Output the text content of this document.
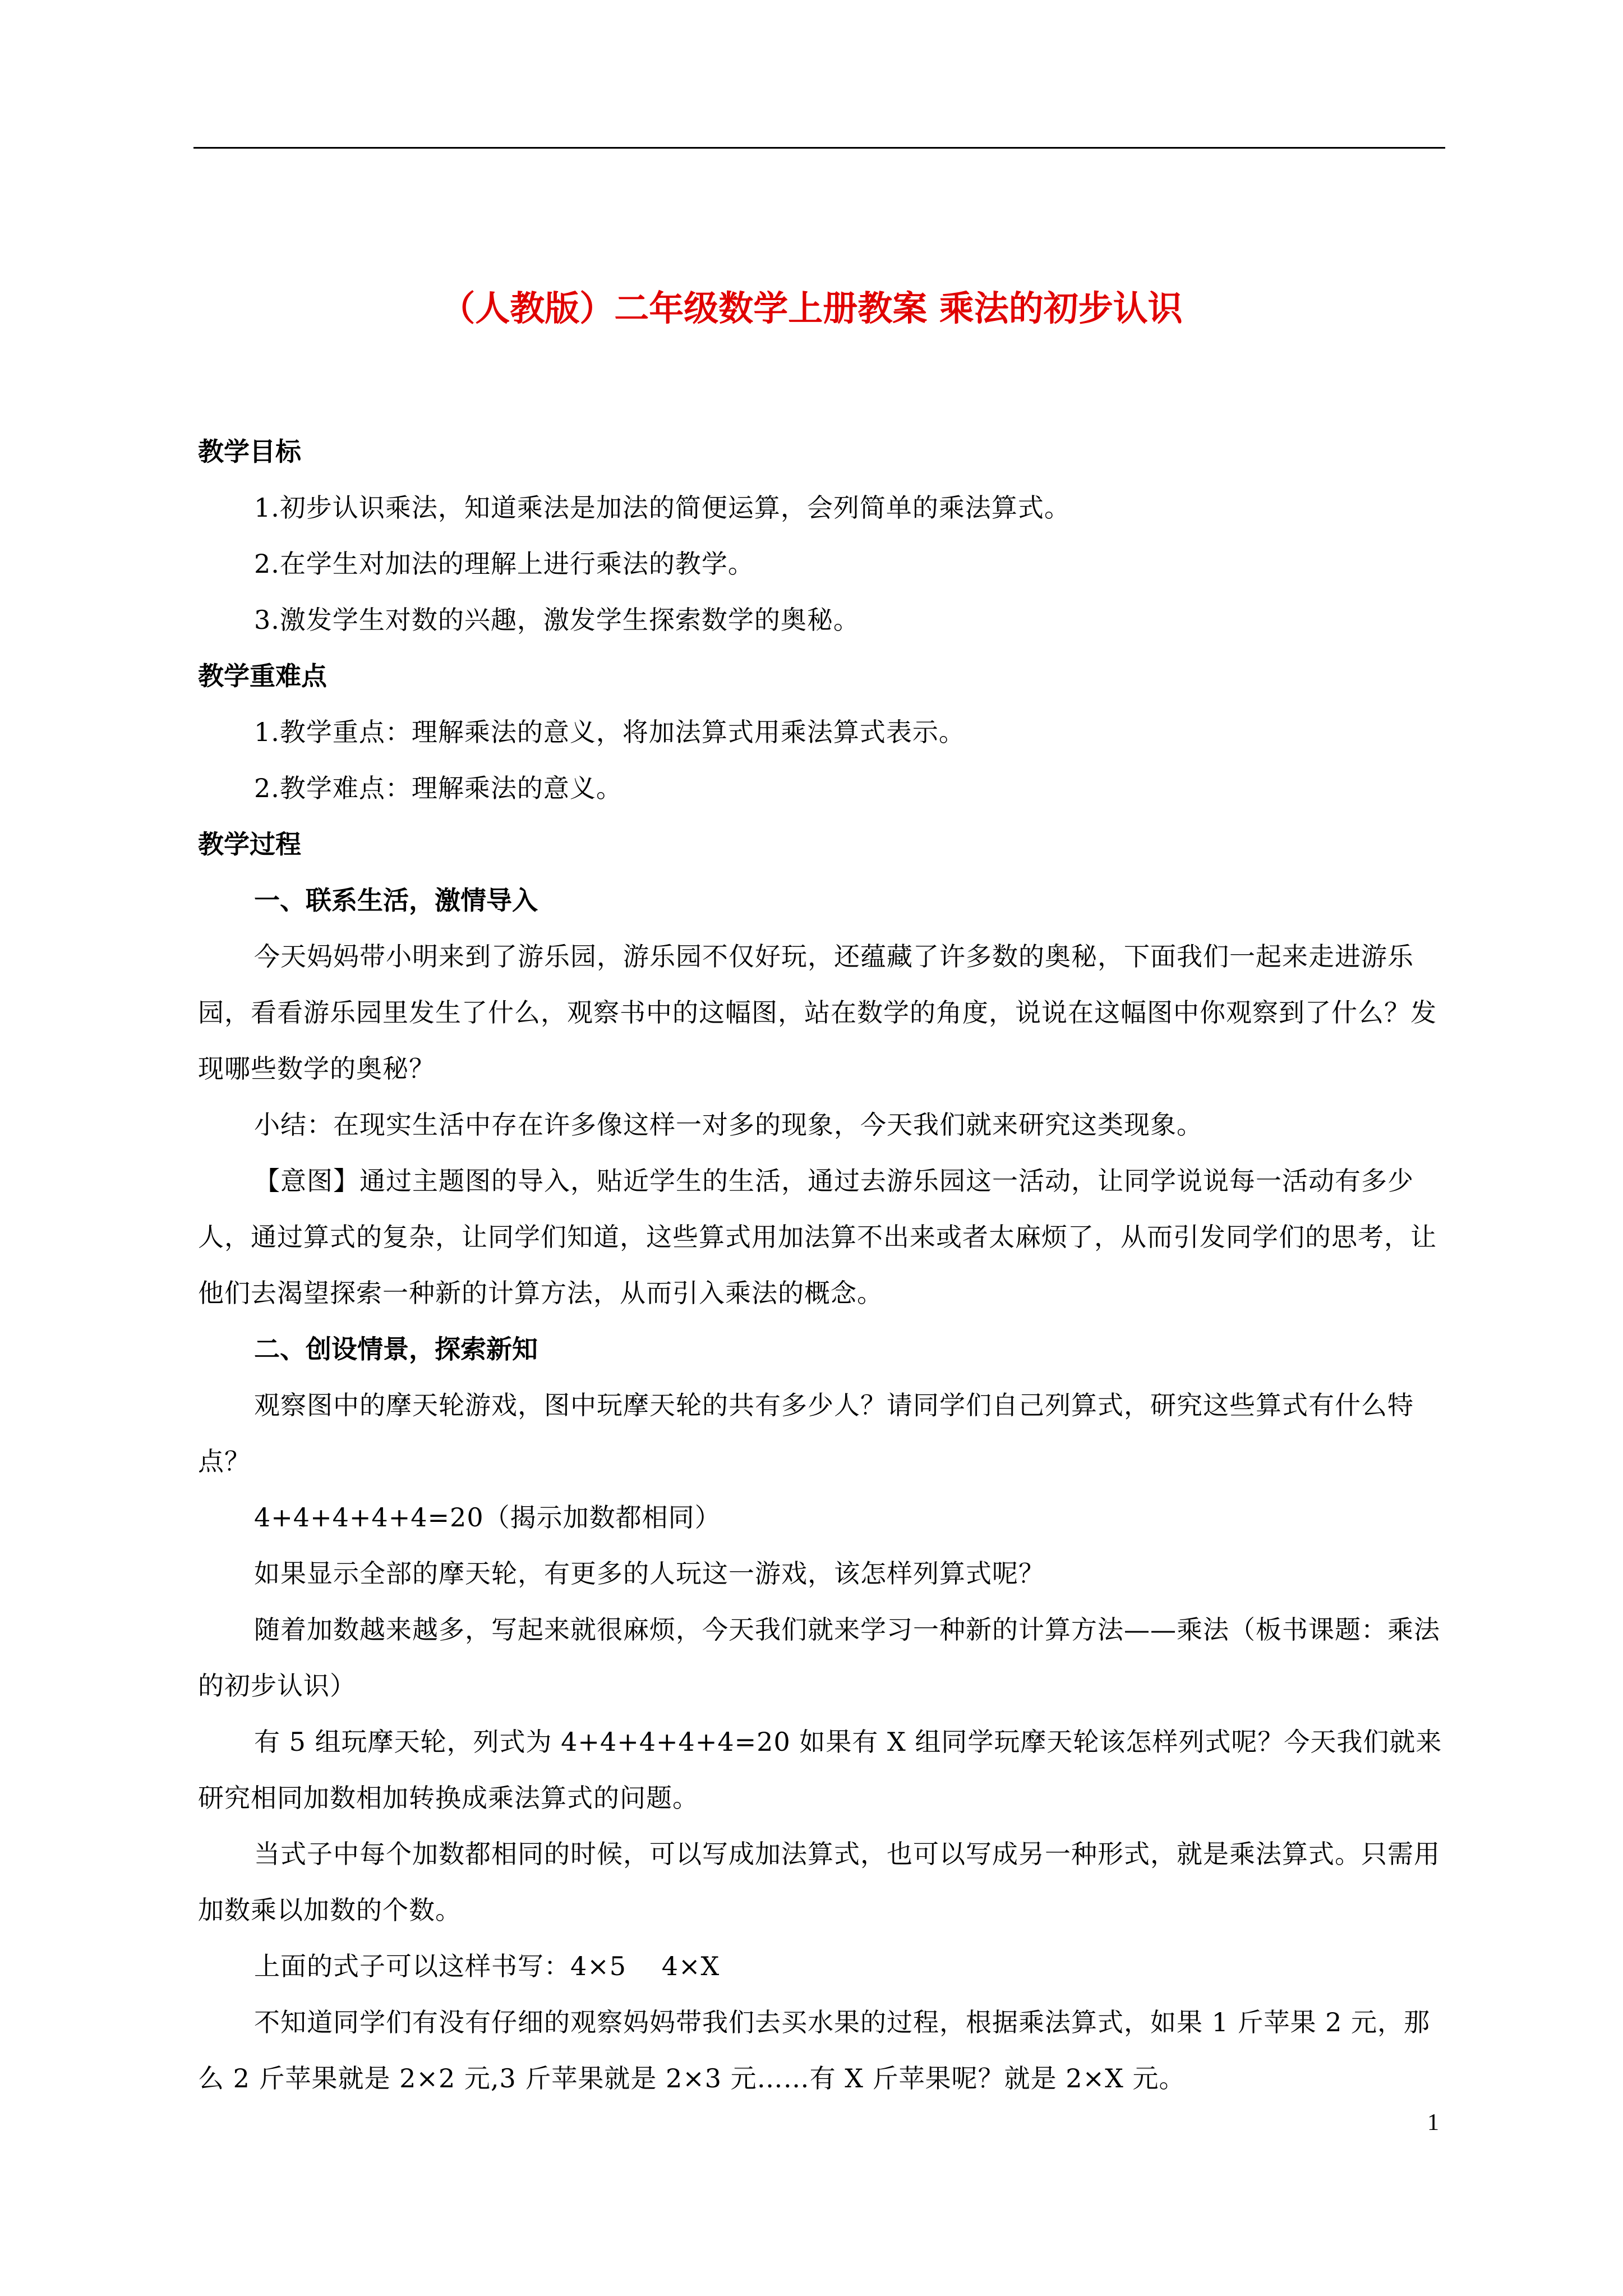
（人教版）二年级数学上册教案 乘法的初步认识

教学目标

1.初步认识乘法，知道乘法是加法的简便运算，会列简单的乘法算式。

2.在学生对加法的理解上进行乘法的教学。

3.激发学生对数的兴趣，激发学生探索数学的奥秘。

教学重难点

1.教学重点：理解乘法的意义，将加法算式用乘法算式表示。

2.教学难点：理解乘法的意义。

教学过程

一、联系生活，激情导入

今天妈妈带小明来到了游乐园，游乐园不仅好玩，还蕴藏了许多数的奥秘，下面我们一起来走进游乐园，看看游乐园里发生了什么，观察书中的这幅图，站在数学的角度，说说在这幅图中你观察到了什么？发现哪些数学的奥秘？

小结：在现实生活中存在许多像这样一对多的现象，今天我们就来研究这类现象。

【意图】通过主题图的导入，贴近学生的生活，通过去游乐园这一活动，让同学说说每一活动有多少人，通过算式的复杂，让同学们知道，这些算式用加法算不出来或者太麻烦了，从而引发同学们的思考，让他们去渴望探索一种新的计算方法，从而引入乘法的概念。

二、创设情景，探索新知

观察图中的摩天轮游戏，图中玩摩天轮的共有多少人？请同学们自己列算式，研究这些算式有什么特点？

4+4+4+4+4=20（揭示加数都相同）

如果显示全部的摩天轮，有更多的人玩这一游戏，该怎样列算式呢？

随着加数越来越多，写起来就很麻烦，今天我们就来学习一种新的计算方法——乘法（板书课题：乘法的初步认识）

有 5 组玩摩天轮，列式为 4+4+4+4+4=20 如果有 X 组同学玩摩天轮该怎样列式呢？今天我们就来研究相同加数相加转换成乘法算式的问题。

当式子中每个加数都相同的时候，可以写成加法算式，也可以写成另一种形式，就是乘法算式。只需用加数乘以加数的个数。

上面的式子可以这样书写：4×5　 4×X

不知道同学们有没有仔细的观察妈妈带我们去买水果的过程，根据乘法算式，如果 1 斤苹果 2 元，那么 2 斤苹果就是 2×2 元,3 斤苹果就是 2×3 元……有 X 斤苹果呢？就是 2×X 元。

1
